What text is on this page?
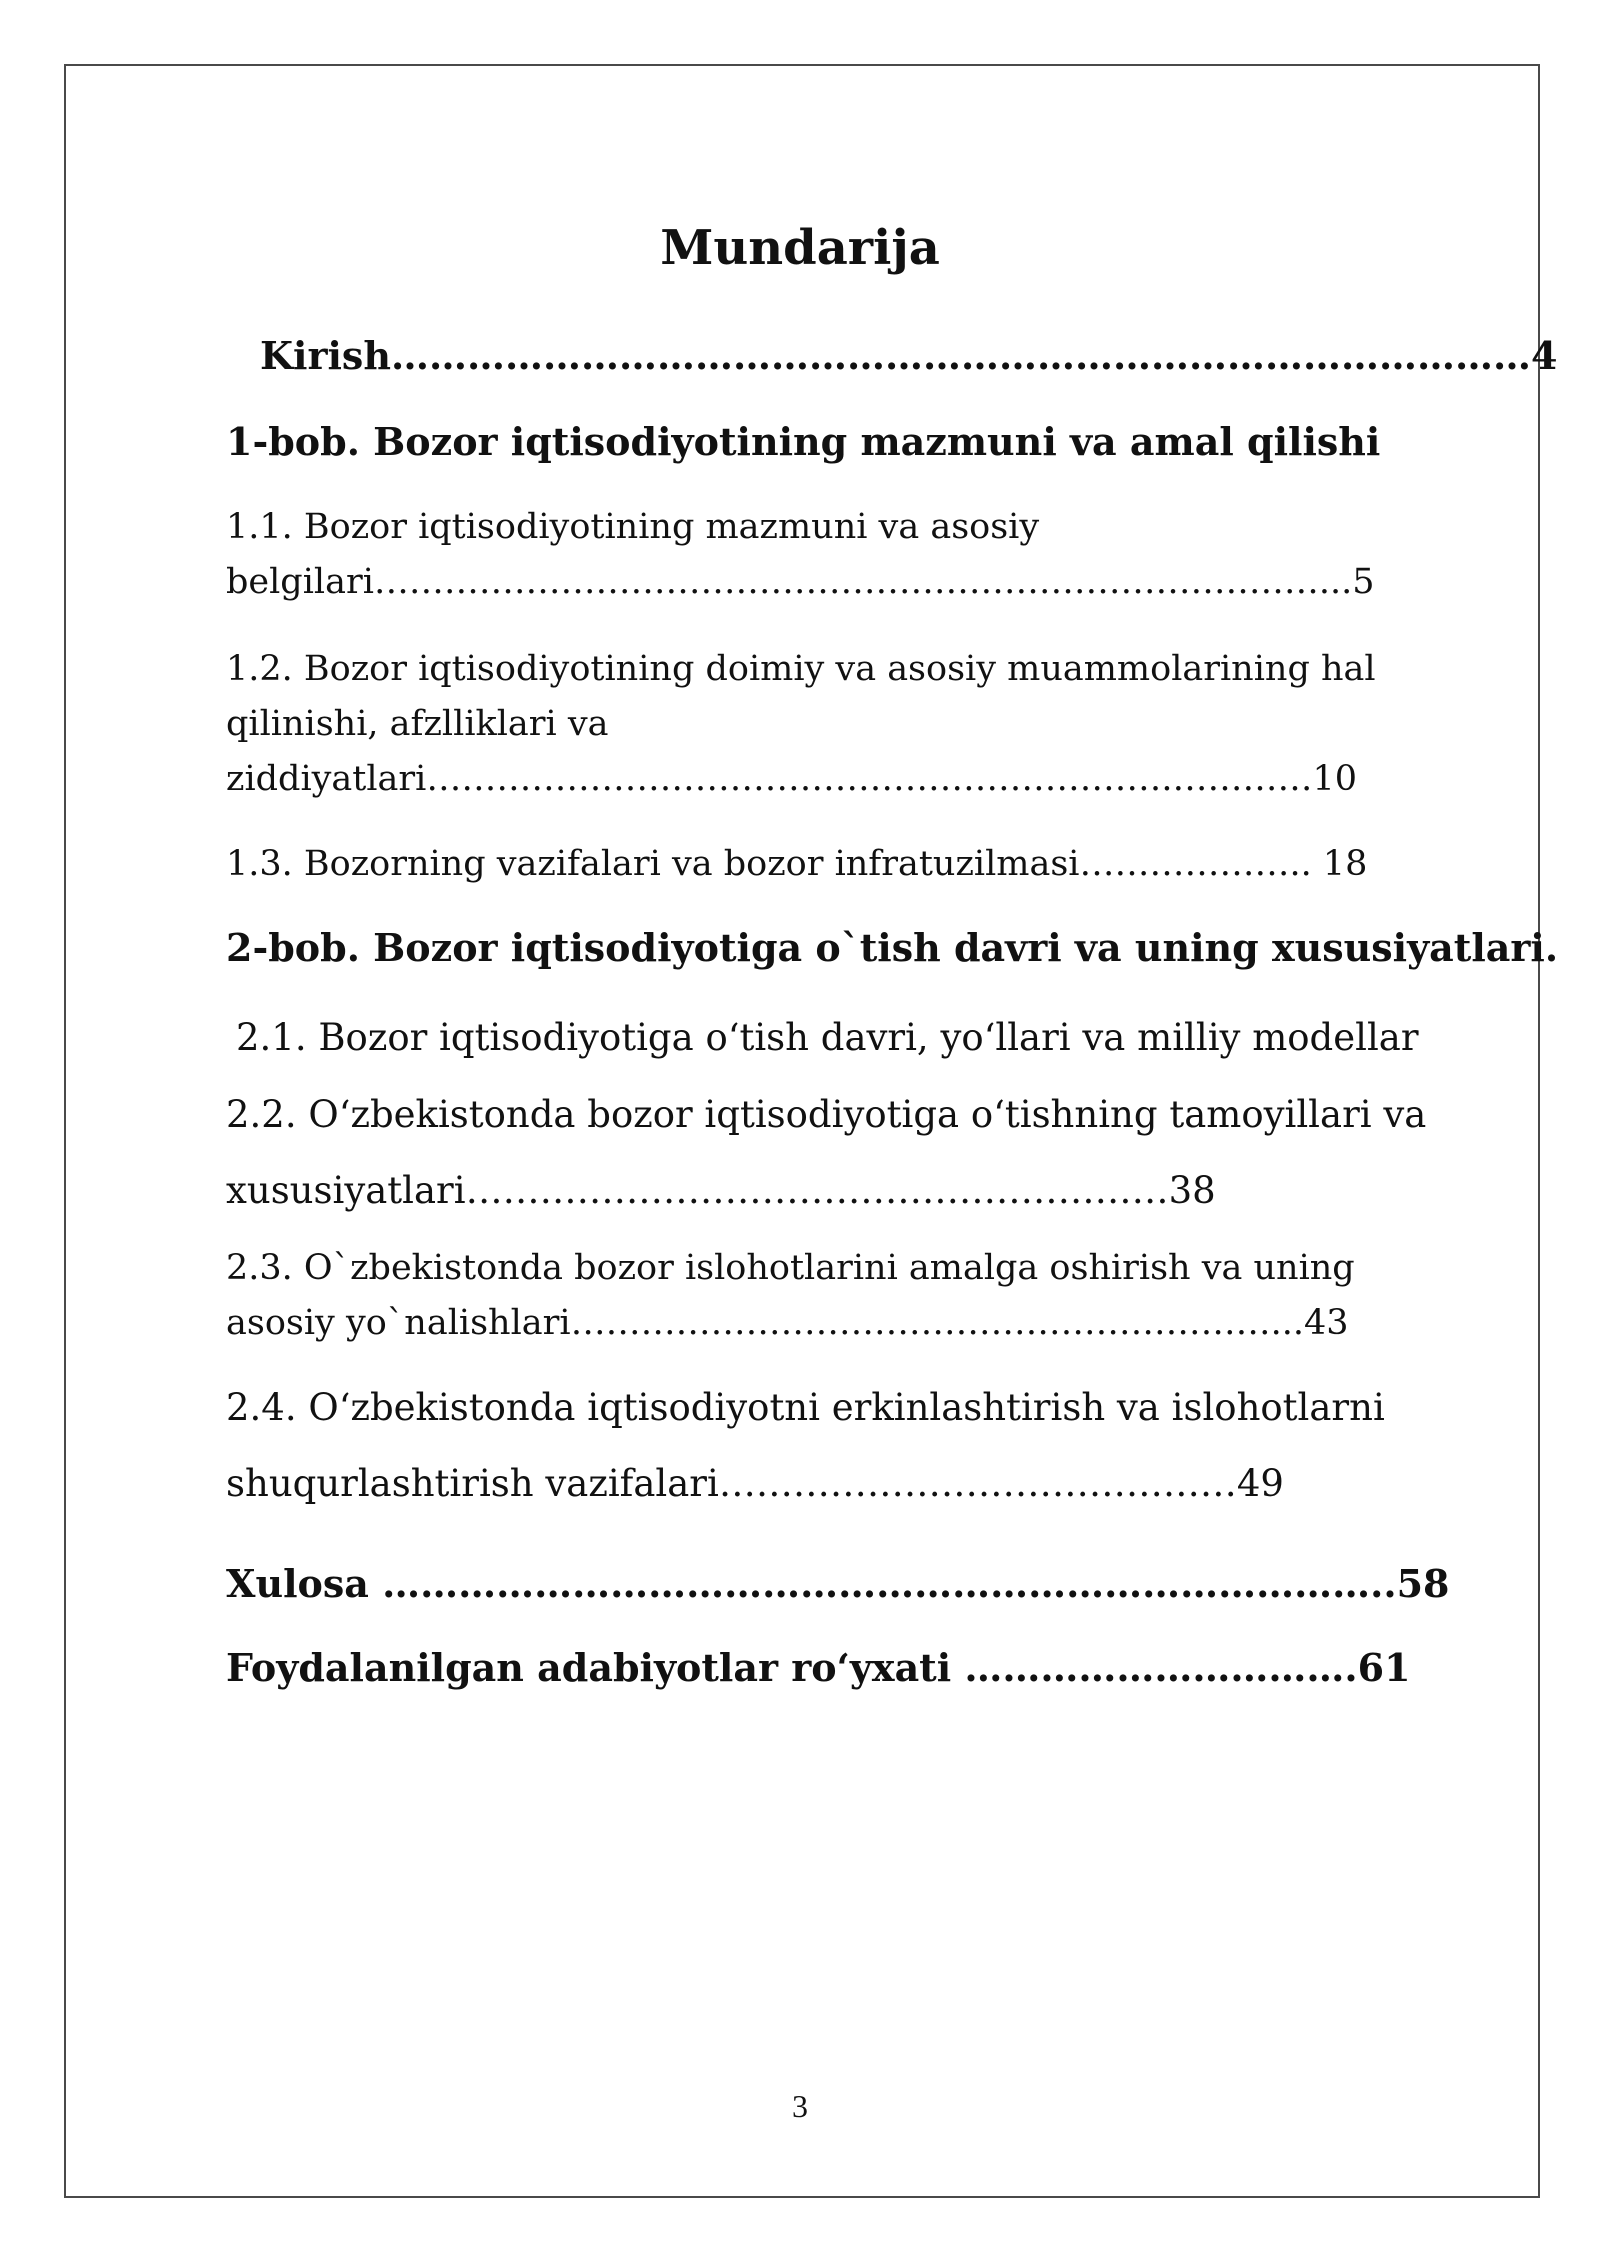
Mundarija
Kirish………………………………………………………………………………4
1-bob. Bozor iqtisodiyotining mazmuni va amal qilishi
1.1. Bozor iqtisodiyotining mazmuni va asosiy
belgilari………………………………………………………………………...5
1.2. Bozor iqtisodiyotining doimiy va asosiy muammolarining hal
qilinishi, afzlliklari va
ziddiyatlari……………………………………………………….…………10
1.3. Bozorning vazifalari va bozor infratuzilmasi……………….. 18
2-bob. Bozor iqtisodiyotiga o`tish davri va uning xususiyatlari.
2.1. Bozor iqtisodiyotiga o‘tish davri, yo‘llari va milliy modellar
2.2. O‘zbekistonda bozor iqtisodiyotiga o‘tishning tamoyillari va
xususiyatlari…………………………………………………38
2.3. O`zbekistonda bozor islohotlarini amalga oshirish va uning
asosiy yo`nalishlari……………………………………………………...43
2.4. O‘zbekistonda iqtisodiyotni erkinlashtirish va islohotlarni
shuqurlashtirish vazifalari……………………………………49
Xulosa ……………………………………………………………………..58
Foydalanilgan adabiyotlar ro‘yxati ………………………….61
3
